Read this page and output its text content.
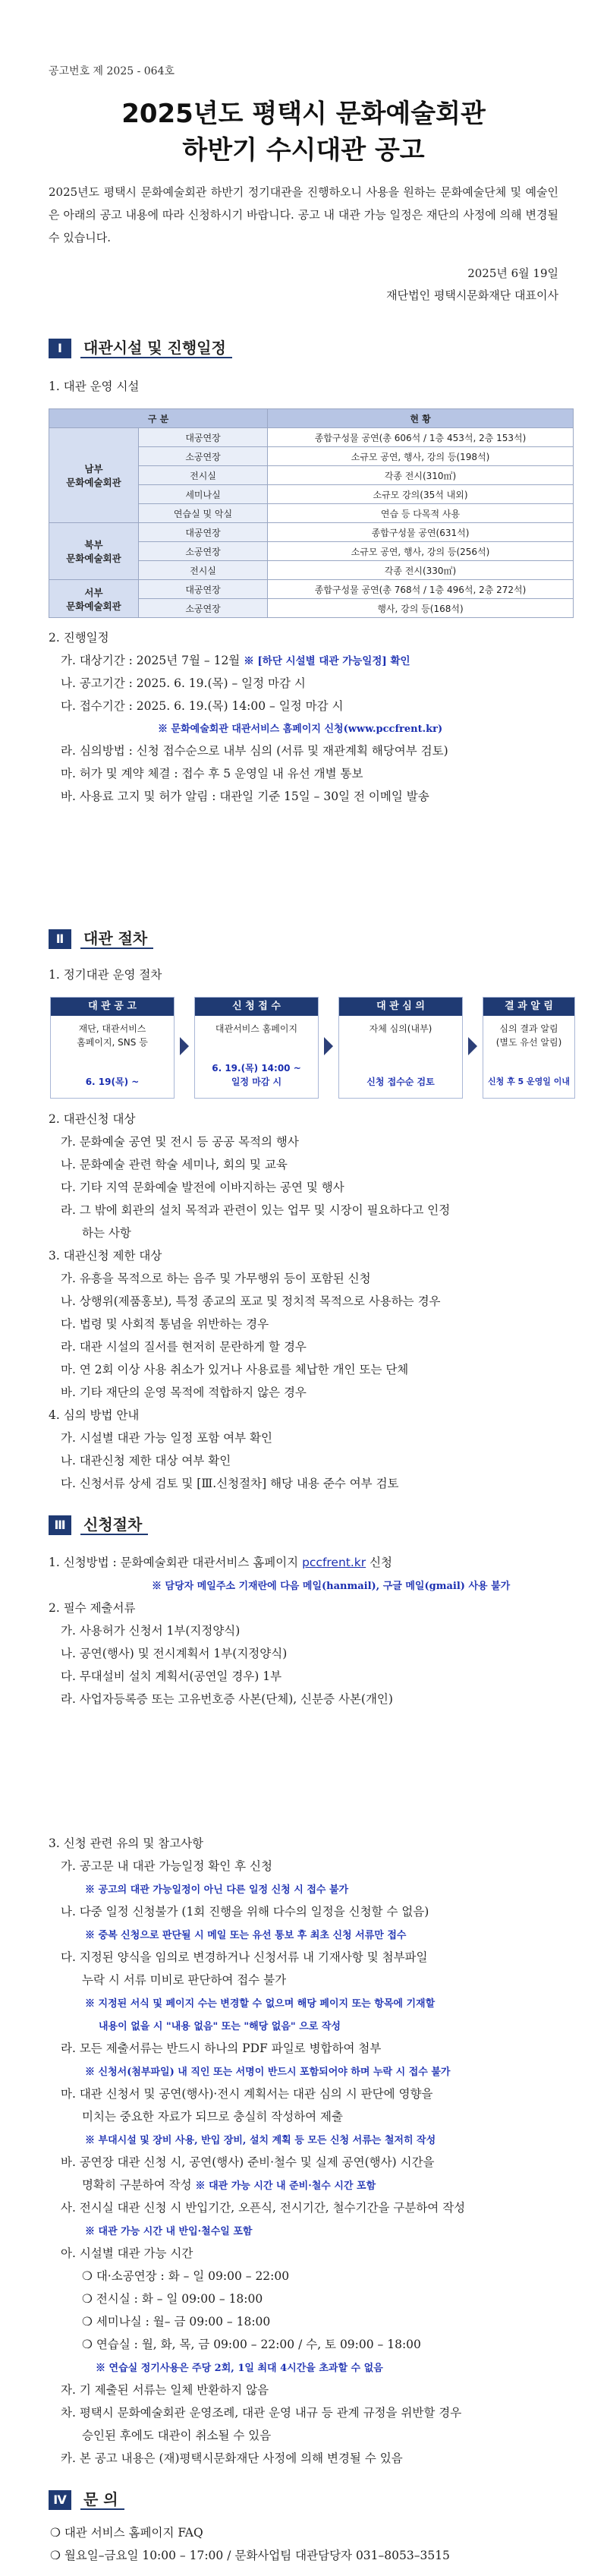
공고번호 제 2025 - 064호
2025년도 평택시 문화예술회관
하반기 수시대관 공고
2025년도 평택시 문화예술회관 하반기 정기대관을 진행하오니 사용을 원하는 문화예술단체 및 예술인은 아래의 공고 내용에 따라 신청하시기 바랍니다. 공고 내 대관 가능 일정은 재단의 사정에 의해 변경될 수 있습니다.
2025년 6월 19일
재단법인 평택시문화재단 대표이사
Ⅰ	대관시설 및 진행일정
1. 대관 운영 시설
구 분		현 황
남부
문화예술회관	대공연장	종합구성물 공연(총 606석 / 1층 453석, 2층 153석)
	소공연장	소규모 공연, 행사, 강의 등(198석)
	전시실	각종 전시(310㎡)
	세미나실	소규모 강의(35석 내외)
	연습실 및 악실	연습 등 다목적 사용
북부
문화예술회관	대공연장	종합구성물 공연(631석)
	소공연장	소규모 공연, 행사, 강의 등(256석)
	전시실	각종 전시(330㎡)
서부
문화예술회관	대공연장	종합구성물 공연(총 768석 / 1층 496석, 2층 272석)
	소공연장	행사, 강의 등(168석)
2. 진행일정
가. 대상기간 : 2025년 7월 – 12월 ※ [하단 시설별 대관 가능일정] 확인
나. 공고기간 : 2025. 6. 19.(목) – 일정 마감 시
다. 접수기간 : 2025. 6. 19.(목) 14:00 – 일정 마감 시
※ 문화예술회관 대관서비스 홈페이지 신청(www.pccfrent.kr)
라. 심의방법 : 신청 접수순으로 내부 심의 (서류 및 재관계획 해당여부 검토)
마. 허가 및 계약 체결 : 접수 후 5 운영일 내 유선 개별 통보
바. 사용료 고지 및 허가 알림 : 대관일 기준 15일 – 30일 전 이메일 발송
Ⅱ	대관 절차
1. 정기대관 운영 절차
대 관 공 고
재단, 대관서비스
홈페이지, SNS 등
6. 19(목) ~
신 청 접 수
대관서비스 홈페이지
6. 19.(목) 14:00 ~
일정 마감 시
대 관 심 의
자체 심의(내부)
신청 접수순 검토
결 과 알 림
심의 결과 알림
(별도 유선 알림)
신청 후 5 운영일 이내
2. 대관신청 대상
가. 문화예술 공연 및 전시 등 공공 목적의 행사
나. 문화예술 관련 학술 세미나, 회의 및 교육
다. 기타 지역 문화예술 발전에 이바지하는 공연 및 행사
라. 그 밖에 회관의 설치 목적과 관련이 있는 업무 및 시장이 필요하다고 인정
하는 사항
3. 대관신청 제한 대상
가. 유흥을 목적으로 하는 음주 및 가무행위 등이 포함된 신청
나. 상행위(제품홍보), 특정 종교의 포교 및 정치적 목적으로 사용하는 경우
다. 법령 및 사회적 통념을 위반하는 경우
라. 대관 시설의 질서를 현저히 문란하게 할 경우
마. 연 2회 이상 사용 취소가 있거나 사용료를 체납한 개인 또는 단체
바. 기타 재단의 운영 목적에 적합하지 않은 경우
4. 심의 방법 안내
가. 시설별 대관 가능 일정 포함 여부 확인
나. 대관신청 제한 대상 여부 확인
다. 신청서류 상세 검토 및 [Ⅲ.신청절차] 해당 내용 준수 여부 검토
Ⅲ	신청절차
1. 신청방법 : 문화예술회관 대관서비스 홈페이지 pccfrent.kr 신청
※ 담당자 메일주소 기재란에 다음 메일(hanmail), 구글 메일(gmail) 사용 불가
2. 필수 제출서류
가. 사용허가 신청서 1부(지정양식)
나. 공연(행사) 및 전시계획서 1부(지정양식)
다. 무대설비 설치 계획서(공연일 경우) 1부
라. 사업자등록증 또는 고유번호증 사본(단체), 신분증 사본(개인)
3. 신청 관련 유의 및 참고사항
가. 공고문 내 대관 가능일정 확인 후 신청
※ 공고의 대관 가능일정이 아닌 다른 일정 신청 시 접수 불가
나. 다중 일정 신청불가 (1회 진행을 위해 다수의 일정을 신청할 수 없음)
※ 중복 신청으로 판단될 시 메일 또는 유선 통보 후 최초 신청 서류만 접수
다. 지정된 양식을 임의로 변경하거나 신청서류 내 기재사항 및 첨부파일
누락 시 서류 미비로 판단하여 접수 불가
※ 지정된 서식 및 페이지 수는 변경할 수 없으며 해당 페이지 또는 항목에 기재할
내용이 없을 시 "내용 없음" 또는 "해당 없음" 으로 작성
라. 모든 제출서류는 반드시 하나의 PDF 파일로 병합하여 첨부
※ 신청서(첨부파일) 내 직인 또는 서명이 반드시 포함되어야 하며 누락 시 접수 불가
마. 대관 신청서 및 공연(행사)·전시 계획서는 대관 심의 시 판단에 영향을
미치는 중요한 자료가 되므로 충실히 작성하여 제출
※ 부대시설 및 장비 사용, 반입 장비, 설치 계획 등 모든 신청 서류는 철저히 작성
바. 공연장 대관 신청 시, 공연(행사) 준비·철수 및 실제 공연(행사) 시간을
명확히 구분하여 작성 ※ 대관 가능 시간 내 준비·철수 시간 포함
사. 전시실 대관 신청 시 반입기간, 오픈식, 전시기간, 철수기간을 구분하여 작성
※ 대관 가능 시간 내 반입·철수일 포함
아. 시설별 대관 가능 시간
❍ 대·소공연장 : 화 – 일 09:00 – 22:00
❍ 전시실 : 화 – 일 09:00 – 18:00
❍ 세미나실 : 월– 금 09:00 – 18:00
❍ 연습실 : 월, 화, 목, 금 09:00 – 22:00 / 수, 토 09:00 – 18:00
※ 연습실 정기사용은 주당 2회, 1일 최대 4시간을 초과할 수 없음
자. 기 제출된 서류는 일체 반환하지 않음
차. 평택시 문화예술회관 운영조례, 대관 운영 내규 등 관계 규정을 위반할 경우
승인된 후에도 대관이 취소될 수 있음
카. 본 공고 내용은 (재)평택시문화재단 사정에 의해 변경될 수 있음
Ⅳ	문 의
❍ 대관 서비스 홈페이지 FAQ
❍ 월요일–금요일 10:00 – 17:00 / 문화사업팀 대관담당자 031–8053–3515
